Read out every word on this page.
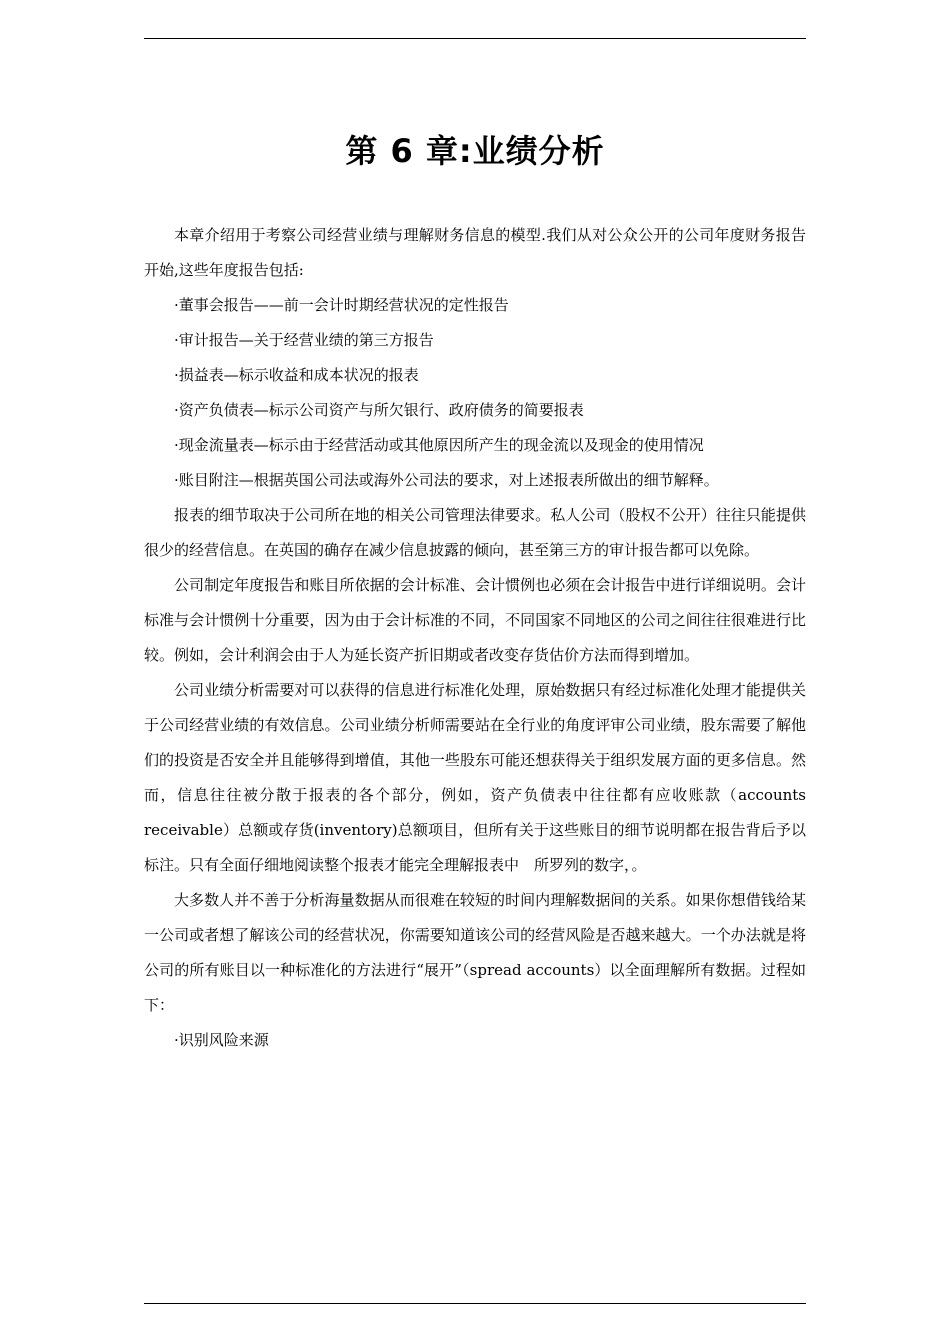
第 6 章:业绩分析

本章介绍用于考察公司经营业绩与理解财务信息的模型.我们从对公众公开的公司年度财务报告开始,这些年度报告包括:

·董事会报告——前一会计时期经营状况的定性报告

·审计报告—关于经营业绩的第三方报告

·损益表—标示收益和成本状况的报表

·资产负债表—标示公司资产与所欠银行、政府债务的简要报表

·现金流量表—标示由于经营活动或其他原因所产生的现金流以及现金的使用情况

·账目附注—根据英国公司法或海外公司法的要求，对上述报表所做出的细节解释。

报表的细节取决于公司所在地的相关公司管理法律要求。私人公司（股权不公开）往往只能提供很少的经营信息。在英国的确存在减少信息披露的倾向，甚至第三方的审计报告都可以免除。

公司制定年度报告和账目所依据的会计标准、会计惯例也必须在会计报告中进行详细说明。会计标准与会计惯例十分重要，因为由于会计标准的不同，不同国家不同地区的公司之间往往很难进行比较。例如，会计利润会由于人为延长资产折旧期或者改变存货估价方法而得到增加。

公司业绩分析需要对可以获得的信息进行标准化处理，原始数据只有经过标准化处理才能提供关于公司经营业绩的有效信息。公司业绩分析师需要站在全行业的角度评审公司业绩，股东需要了解他们的投资是否安全并且能够得到增值，其他一些股东可能还想获得关于组织发展方面的更多信息。然而，信息往往被分散于报表的各个部分，例如，资产负债表中往往都有应收账款（accounts receivable）总额或存货(inventory)总额项目，但所有关于这些账目的细节说明都在报告背后予以标注。只有全面仔细地阅读整个报表才能完全理解报表中　所罗列的数字，。

大多数人并不善于分析海量数据从而很难在较短的时间内理解数据间的关系。如果你想借钱给某一公司或者想了解该公司的经营状况，你需要知道该公司的经营风险是否越来越大。一个办法就是将公司的所有账目以一种标准化的方法进行“展开”（spread accounts）以全面理解所有数据。过程如下：

·识别风险来源
